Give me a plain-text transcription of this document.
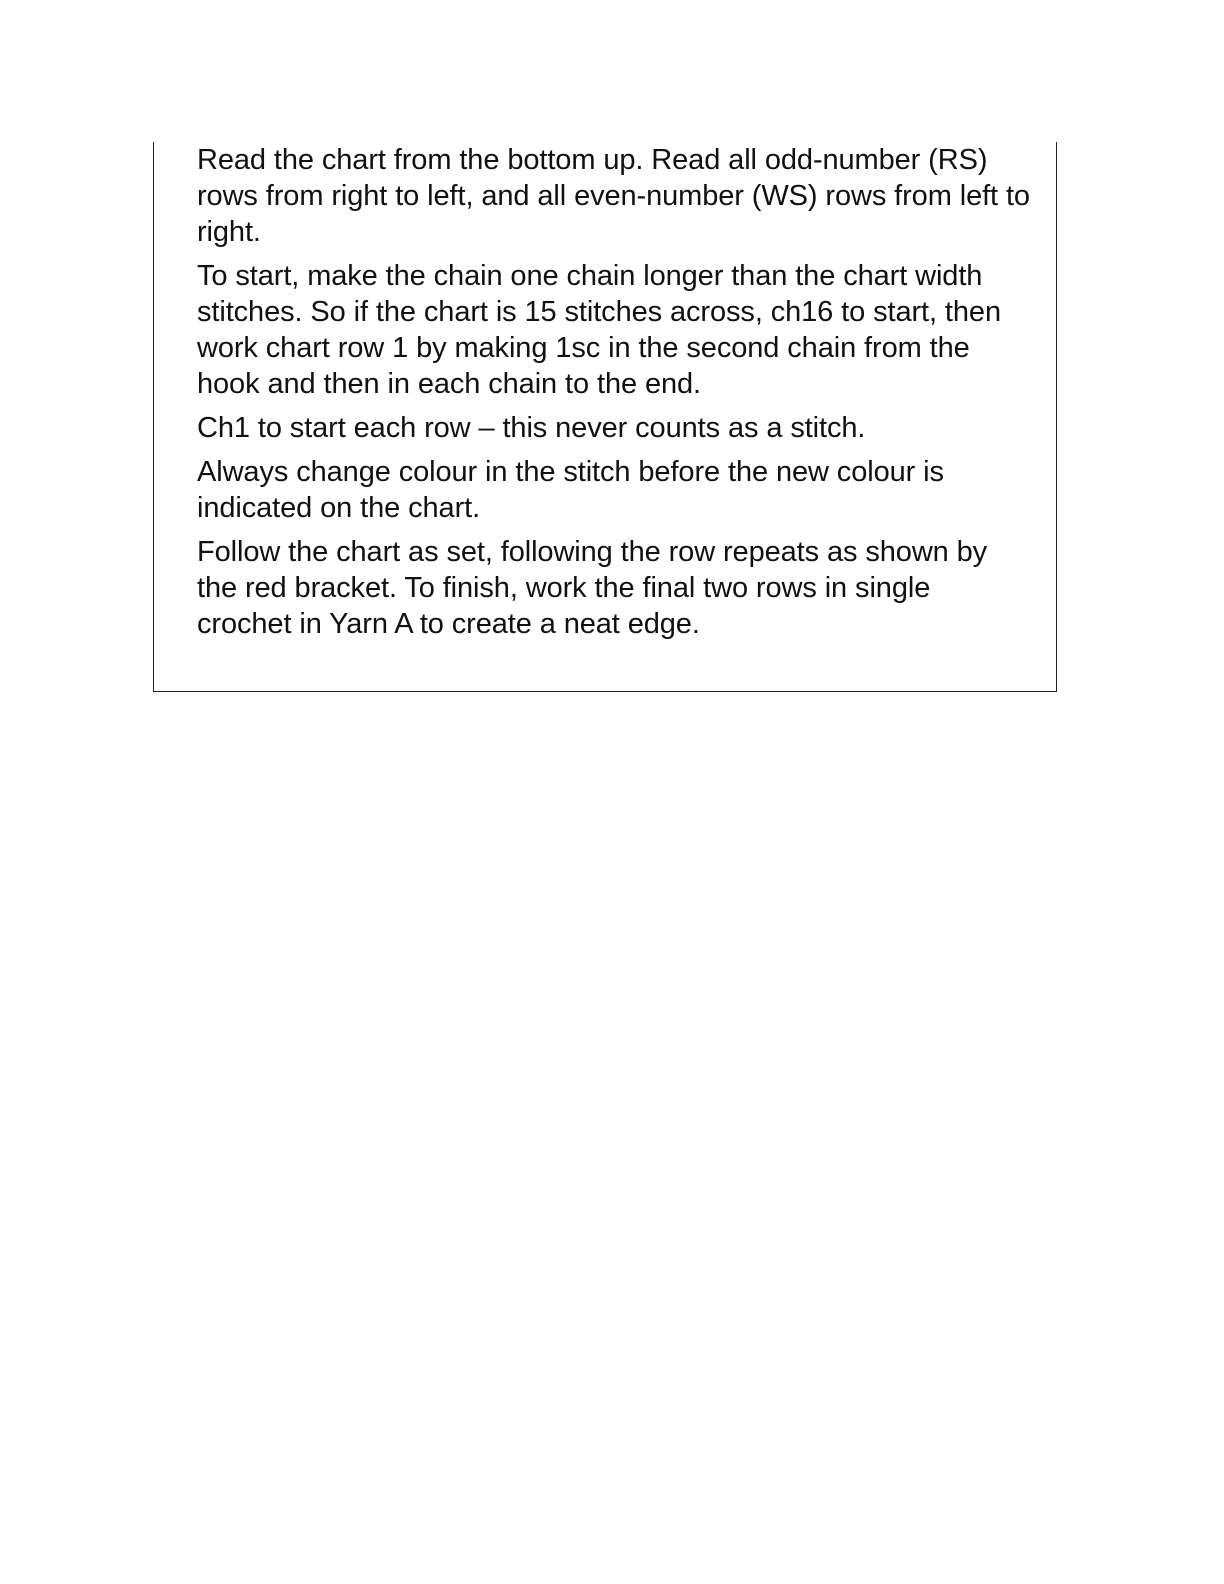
Read the chart from the bottom up. Read all odd-number (RS) rows from right to left, and all even-number (WS) rows from left to right.

To start, make the chain one chain longer than the chart width stitches. So if the chart is 15 stitches across, ch16 to start, then work chart row 1 by making 1sc in the second chain from the hook and then in each chain to the end.

Ch1 to start each row – this never counts as a stitch.

Always change colour in the stitch before the new colour is indicated on the chart.

Follow the chart as set, following the row repeats as shown by the red bracket. To finish, work the final two rows in single crochet in Yarn A to create a neat edge.
